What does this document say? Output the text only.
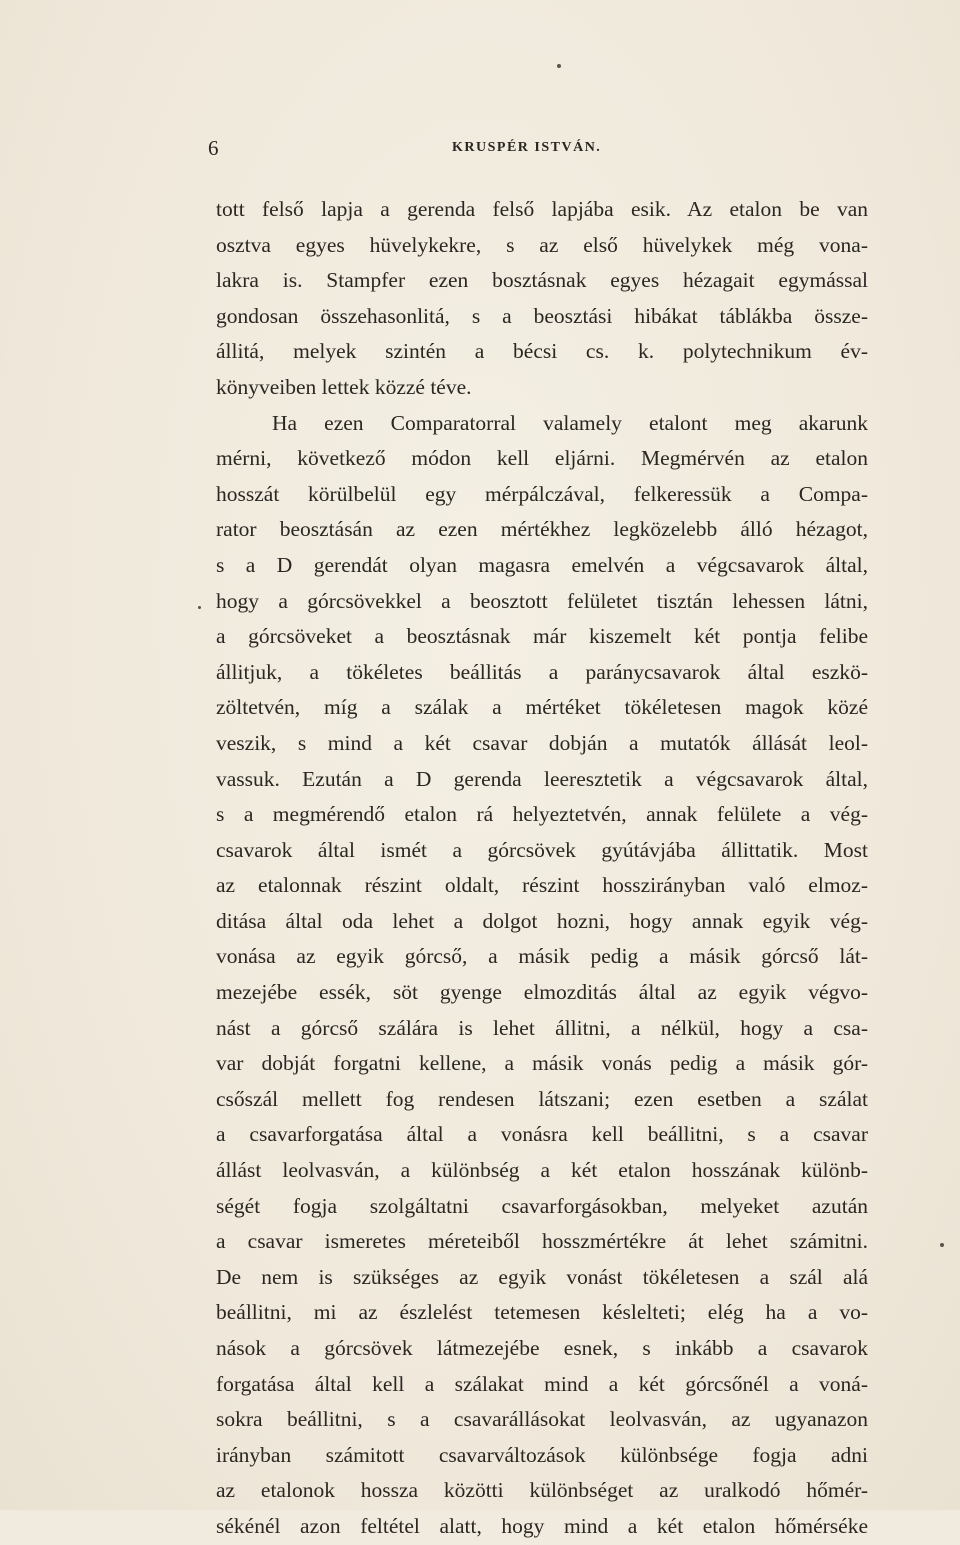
6	KRUSPÉR ISTVÁN.
tott felső lapja a gerenda felső lapjába esik. Az etalon be van
osztva egyes hüvelykekre, s az első hüvelykek még vona-
lakra is. Stampfer ezen bosztásnak egyes hézagait egymással
gondosan összehasonlitá, s a beosztási hibákat táblákba össze-
állitá, melyek szintén a bécsi cs. k. polytechnikum év-
könyveiben lettek közzé téve.
Ha ezen Comparatorral valamely etalont meg akarunk
mérni, következő módon kell eljárni. Megmérvén az etalon
hosszát körülbelül egy mérpálczával, felkeressük a Compa-
rator beosztásán az ezen mértékhez legközelebb álló hézagot,
s a D gerendát olyan magasra emelvén a végcsavarok által,
hogy a górcsövekkel a beosztott felületet tisztán lehessen látni,
a górcsöveket a beosztásnak már kiszemelt két pontja felibe
állitjuk, a tökéletes beállitás a paránycsavarok által eszkö-
zöltetvén, míg a szálak a mértéket tökéletesen magok közé
veszik, s mind a két csavar dobján a mutatók állását leol-
vassuk. Ezután a D gerenda leeresztetik a végcsavarok által,
s a megmérendő etalon rá helyeztetvén, annak felülete a vég-
csavarok által ismét a górcsövek gyútávjába állittatik. Most
az etalonnak részint oldalt, részint hosszirányban való elmoz-
ditása által oda lehet a dolgot hozni, hogy annak egyik vég-
vonása az egyik górcső, a másik pedig a másik górcső lát-
mezejébe essék, söt gyenge elmozditás által az egyik végvo-
nást a górcső szálára is lehet állitni, a nélkül, hogy a csa-
var dobját forgatni kellene, a másik vonás pedig a másik gór-
csőszál mellett fog rendesen látszani; ezen esetben a szálat
a csavarforgatása által a vonásra kell beállitni, s a csavar
állást leolvasván, a különbség a két etalon hosszának különb-
ségét fogja szolgáltatni csavarforgásokban, melyeket azután
a csavar ismeretes méreteiből hosszmértékre át lehet számitni.
De nem is szükséges az egyik vonást tökéletesen a szál alá
beállitni, mi az észlelést tetemesen késlelteti; elég ha a vo-
nások a górcsövek látmezejébe esnek, s inkább a csavarok
forgatása által kell a szálakat mind a két górcsőnél a voná-
sokra beállitni, s a csavarállásokat leolvasván, az ugyanazon
irányban számitott csavarváltozások különbsége fogja adni
az etalonok hossza közötti különbséget az uralkodó hőmér-
sékénél azon feltétel alatt, hogy mind a két etalon hőmérséke
